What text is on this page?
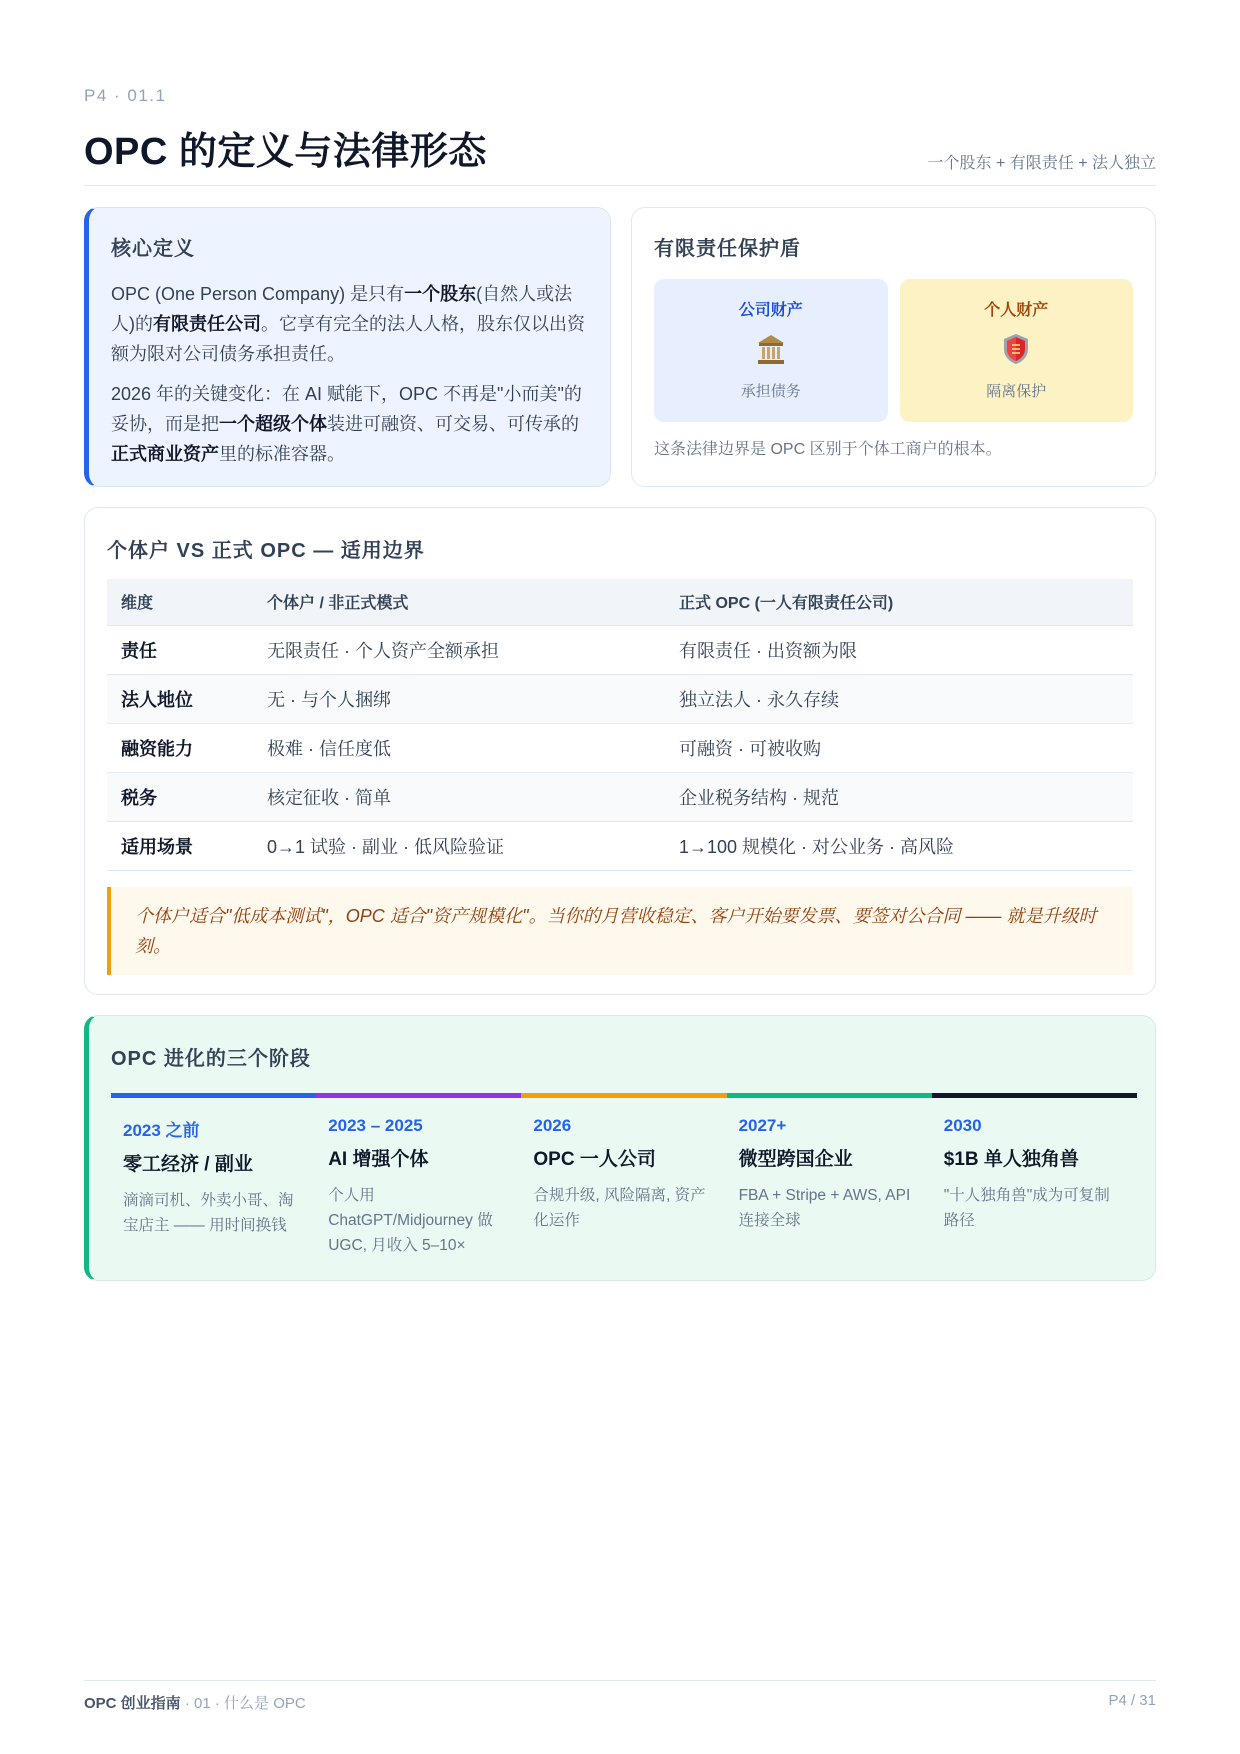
P4 · 01.1
OPC 的定义与法律形态	一个股东 + 有限责任 + 法人独立
核心定义

OPC (One Person Company) 是只有一个股东(自然人或法人)的有限责任公司。它享有完全的法人人格，股东仅以出资额为限对公司债务承担责任。

2026 年的关键变化：在 AI 赋能下，OPC 不再是"小而美"的妥协，而是把一个超级个体装进可融资、可交易、可传承的正式商业资产里的标准容器。

有限责任保护盾
公司财产
承担债务
个人财产
隔离保护
这条法律边界是 OPC 区别于个体工商户的根本。
个体户 VS 正式 OPC — 适用边界
维度	个体户 / 非正式模式	正式 OPC (一人有限责任公司)
责任	无限责任 · 个人资产全额承担	有限责任 · 出资额为限
法人地位	无 · 与个人捆绑	独立法人 · 永久存续
融资能力	极难 · 信任度低	可融资 · 可被收购
税务	核定征收 · 简单	企业税务结构 · 规范
适用场景	0→1 试验 · 副业 · 低风险验证	1→100 规模化 · 对公业务 · 高风险
个体户适合"低成本测试"，OPC 适合"资产规模化"。当你的月营收稳定、客户开始要发票、要签对公合同 —— 就是升级时刻。
OPC 进化的三个阶段
2023 之前
零工经济 / 副业
滴滴司机、外卖小哥、淘宝店主 —— 用时间换钱
2023 – 2025
AI 增强个体
个人用 ChatGPT/Midjourney 做 UGC, 月收入 5–10×
2026
OPC 一人公司
合规升级, 风险隔离, 资产化运作
2027+
微型跨国企业
FBA + Stripe + AWS, API 连接全球
2030
$1B 单人独角兽
"十人独角兽"成为可复制路径
OPC 创业指南 · 01 · 什么是 OPC	P4 / 31
